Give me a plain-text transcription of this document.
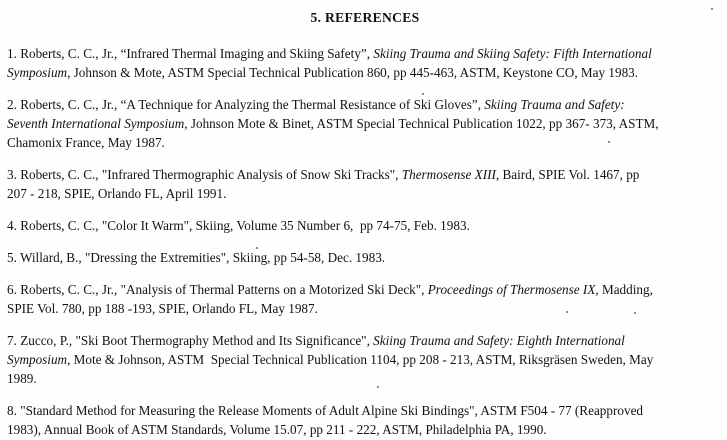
5. REFERENCES

1. Roberts, C. C., Jr., “Infrared Thermal Imaging and Skiing Safety”, Skiing Trauma and Skiing Safety: Fifth International
Symposium, Johnson & Mote, ASTM Special Technical Publication 860, pp 445-463, ASTM, Keystone CO, May 1983.

2. Roberts, C. C., Jr., “A Technique for Analyzing the Thermal Resistance of Ski Gloves”, Skiing Trauma and Safety:
Seventh International Symposium, Johnson Mote & Binet, ASTM Special Technical Publication 1022, pp 367- 373, ASTM,
Chamonix France, May 1987.

3. Roberts, C. C., "Infrared Thermographic Analysis of Snow Ski Tracks", Thermosense XIII, Baird, SPIE Vol. 1467, pp
207 - 218, SPIE, Orlando FL, April 1991.

4. Roberts, C. C., "Color It Warm", Skiing, Volume 35 Number 6,  pp 74-75, Feb. 1983.

5. Willard, B., "Dressing the Extremities", Skiing, pp 54-58, Dec. 1983.

6. Roberts, C. C., Jr., "Analysis of Thermal Patterns on a Motorized Ski Deck", Proceedings of Thermosense IX, Madding,
SPIE Vol. 780, pp 188 -193, SPIE, Orlando FL, May 1987.

7. Zucco, P., "Ski Boot Thermography Method and Its Significance", Skiing Trauma and Safety: Eighth International
Symposium, Mote & Johnson, ASTM  Special Technical Publication 1104, pp 208 - 213, ASTM, Riksgräsen Sweden, May
1989.

8. "Standard Method for Measuring the Release Moments of Adult Alpine Ski Bindings", ASTM F504 - 77 (Reapproved
1983), Annual Book of ASTM Standards, Volume 15.07, pp 211 - 222, ASTM, Philadelphia PA, 1990.
